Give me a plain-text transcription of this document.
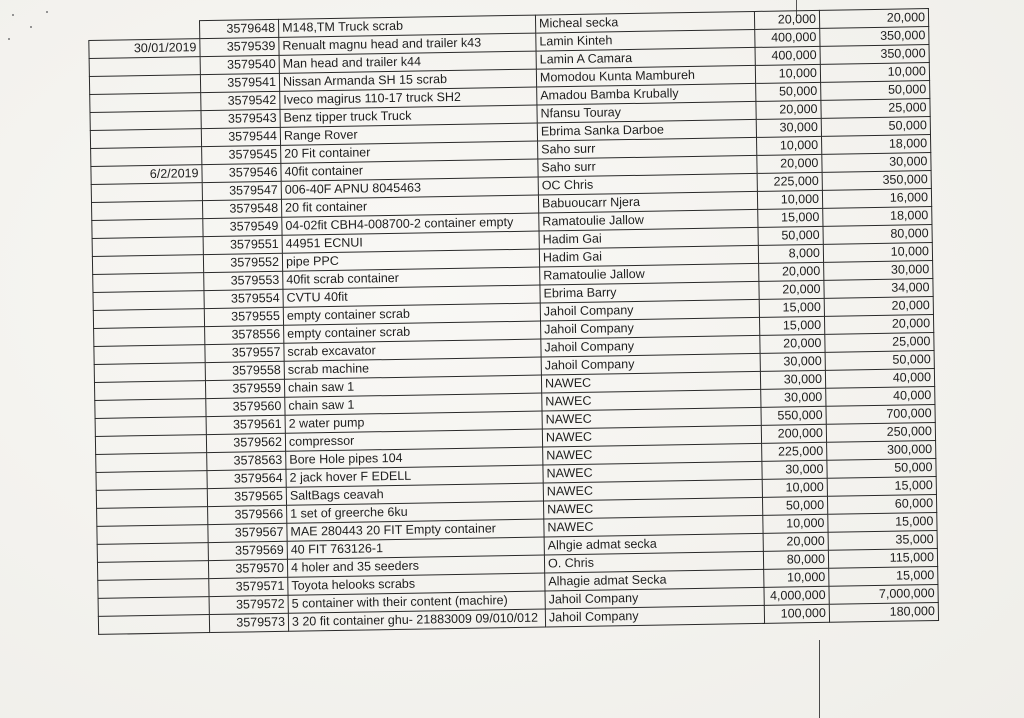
	3579648	M148,TM Truck scrab	Micheal secka	20,000	20,000
30/01/2019	3579539	Renualt magnu head and trailer k43	Lamin Kinteh	400,000	350,000
	3579540	Man head and trailer k44	Lamin A Camara	400,000	350,000
	3579541	Nissan Armanda SH 15 scrab	Momodou Kunta Mambureh	10,000	10,000
	3579542	Iveco magirus 110-17 truck SH2	Amadou Bamba Krubally	50,000	50,000
	3579543	Benz tipper truck Truck	Nfansu Touray	20,000	25,000
	3579544	Range Rover	Ebrima Sanka Darboe	30,000	50,000
	3579545	20 Fit container	Saho surr	10,000	18,000
6/2/2019	3579546	40fit container	Saho surr	20,000	30,000
	3579547	006-40F APNU 8045463	OC Chris	225,000	350,000
	3579548	20 fit container	Babuoucarr Njera	10,000	16,000
	3579549	04-02fit CBH4-008700-2 container empty	Ramatoulie Jallow	15,000	18,000
	3579551	44951 ECNUI	Hadim Gai	50,000	80,000
	3579552	pipe PPC	Hadim Gai	8,000	10,000
	3579553	40fit scrab container	Ramatoulie Jallow	20,000	30,000
	3579554	CVTU 40fit	Ebrima Barry	20,000	34,000
	3579555	empty container scrab	Jahoil Company	15,000	20,000
	3578556	empty container scrab	Jahoil Company	15,000	20,000
	3579557	scrab excavator	Jahoil Company	20,000	25,000
	3579558	scrab machine	Jahoil Company	30,000	50,000
	3579559	chain saw 1	NAWEC	30,000	40,000
	3579560	chain saw 1	NAWEC	30,000	40,000
	3579561	2 water pump	NAWEC	550,000	700,000
	3579562	compressor	NAWEC	200,000	250,000
	3578563	Bore Hole pipes 104	NAWEC	225,000	300,000
	3579564	2 jack hover F EDELL	NAWEC	30,000	50,000
	3579565	SaltBags ceavah	NAWEC	10,000	15,000
	3579566	1 set of greerche 6ku	NAWEC	50,000	60,000
	3579567	MAE 280443 20 FIT Empty container	NAWEC	10,000	15,000
	3579569	40 FIT 763126-1	Alhgie admat secka	20,000	35,000
	3579570	4 holer and 35 seeders	O. Chris	80,000	115,000
	3579571	Toyota helooks scrabs	Alhagie admat Secka	10,000	15,000
	3579572	5 container with their content (machire)	Jahoil Company	4,000,000	7,000,000
	3579573	3 20 fit container ghu- 21883009 09/010/012	Jahoil Company	100,000	180,000
